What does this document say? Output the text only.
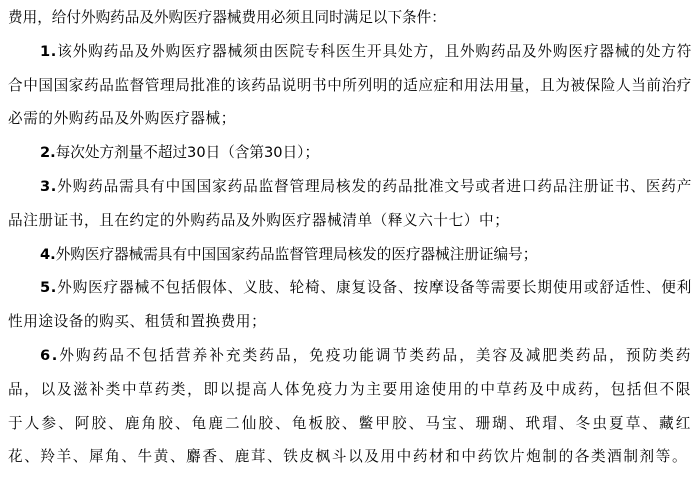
费用，给付外购药品及外购医疗器械费用必须且同时满足以下条件：

1.该外购药品及外购医疗器械须由医院专科医生开具处方，且外购药品及外购医疗器械的处方符合中国国家药品监督管理局批准的该药品说明书中所列明的适应症和用法用量，且为被保险人当前治疗必需的外购药品及外购医疗器械；

2.每次处方剂量不超过30日（含第30日）；

3.外购药品需具有中国国家药品监督管理局核发的药品批准文号或者进口药品注册证书、医药产品注册证书，且在约定的外购药品及外购医疗器械清单（释义六十七）中；

4.外购医疗器械需具有中国国家药品监督管理局核发的医疗器械注册证编号；

5.外购医疗器械不包括假体、义肢、轮椅、康复设备、按摩设备等需要长期使用或舒适性、便利性用途设备的购买、租赁和置换费用；

6.外购药品不包括营养补充类药品，免疫功能调节类药品，美容及减肥类药品，预防类药品，以及滋补类中草药类，即以提高人体免疫力为主要用途使用的中草药及中成药，包括但不限于人参、阿胶、鹿角胶、龟鹿二仙胶、龟板胶、鳖甲胶、马宝、珊瑚、玳瑁、冬虫夏草、藏红花、羚羊、犀角、牛黄、麝香、鹿茸、铁皮枫斗以及用中药材和中药饮片炮制的各类酒制剂等。
